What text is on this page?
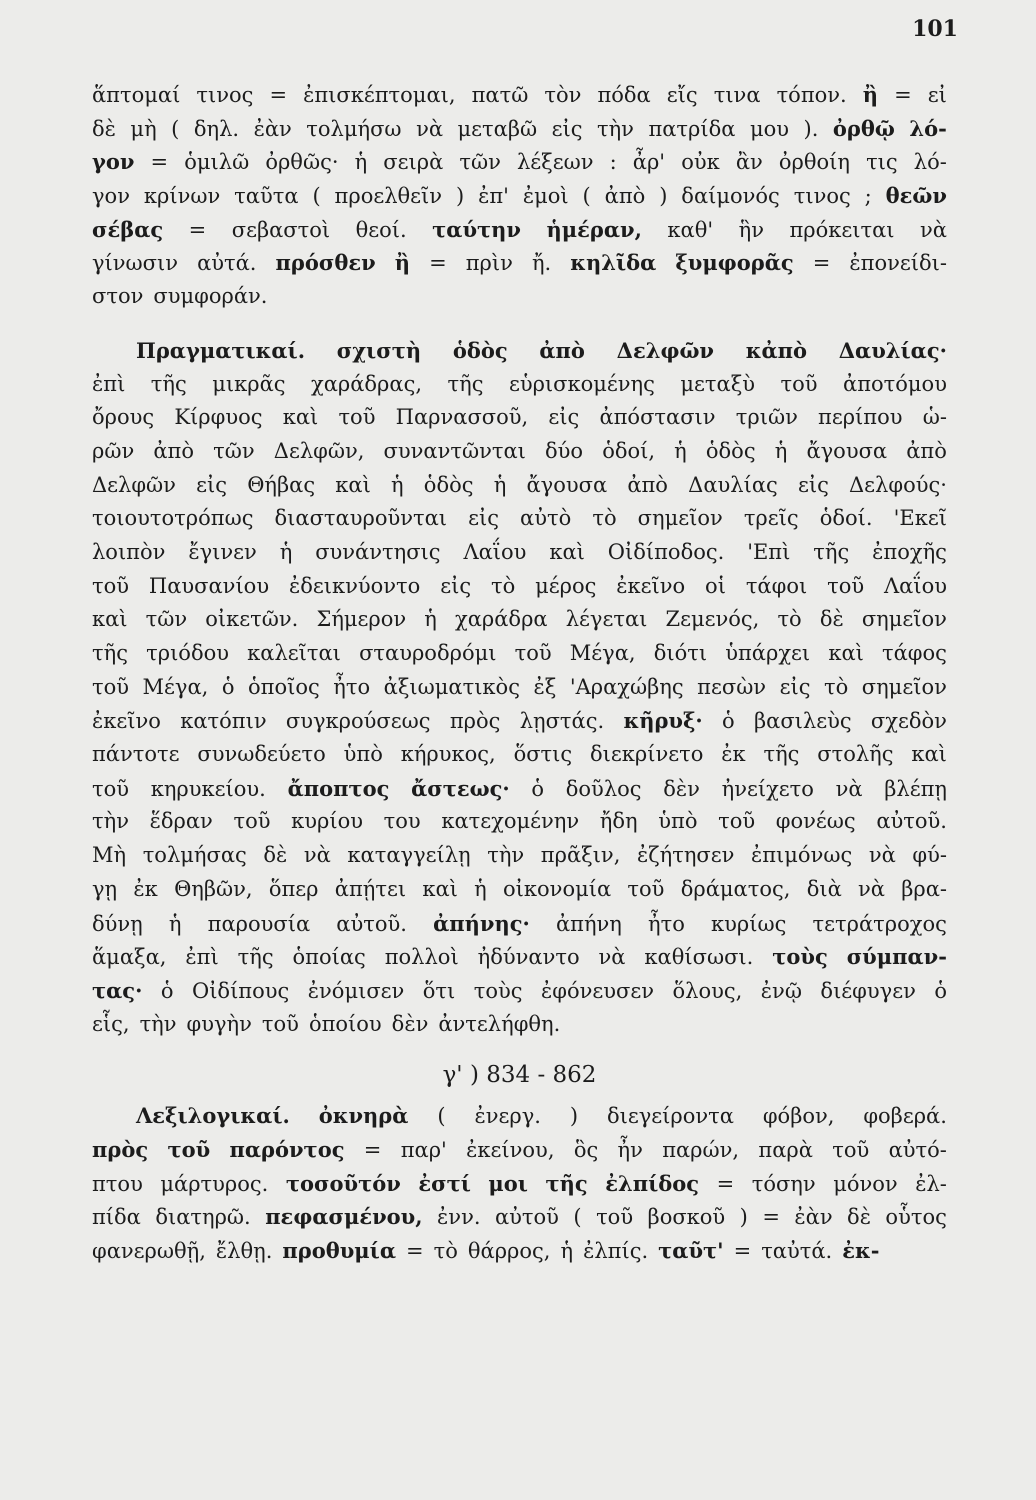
101
ἅπτομαί τινος = ἐπισκέπτομαι, πατῶ τὸν πόδα εἴς τινα τόπον. ἢ = εἰ
δὲ μὴ ( δηλ. ἐὰν τολμήσω νὰ μεταβῶ εἰς τὴν πατρίδα μου ). ὀρθῷ λό-
γον = ὁμιλῶ ὀρθῶς· ἡ σειρὰ τῶν λέξεων : ἆρ' οὐκ ἂν ὀρθοίη τις λό-
γον κρίνων ταῦτα ( προελθεῖν ) ἐπ' ἐμοὶ ( ἀπὸ ) δαίμονός τινος ; θεῶν
σέβας = σεβαστοὶ θεοί. ταύτην ἡμέραν, καθ' ἣν πρόκειται νὰ
γίνωσιν αὐτά. πρόσθεν ἢ = πρὶν ἤ. κηλῖδα ξυμφορᾶς = ἐπονείδι-
στον συμφοράν.
Πραγματικαί. σχιστὴ ὁδὸς ἀπὸ Δελφῶν κἀπὸ Δαυλίας·
ἐπὶ τῆς μικρᾶς χαράδρας, τῆς εὑρισκομένης μεταξὺ τοῦ ἀποτόμου
ὄρους Κίρφυος καὶ τοῦ Παρνασσοῦ, εἰς ἀπόστασιν τριῶν περίπου ὡ-
ρῶν ἀπὸ τῶν Δελφῶν, συναντῶνται δύο ὁδοί, ἡ ὁδὸς ἡ ἄγουσα ἀπὸ
Δελφῶν εἰς Θήβας καὶ ἡ ὁδὸς ἡ ἄγουσα ἀπὸ Δαυλίας εἰς Δελφούς·
τοιουτοτρόπως διασταυροῦνται εἰς αὐτὸ τὸ σημεῖον τρεῖς ὁδοί. 'Εκεῖ
λοιπὸν ἔγινεν ἡ συνάντησις Λαΐου καὶ Οἰδίποδος. 'Επὶ τῆς ἐποχῆς
τοῦ Παυσανίου ἐδεικνύοντο εἰς τὸ μέρος ἐκεῖνο οἱ τάφοι τοῦ Λαΐου
καὶ τῶν οἰκετῶν. Σήμερον ἡ χαράδρα λέγεται Ζεμενός, τὸ δὲ σημεῖον
τῆς τριόδου καλεῖται σταυροδρόμι τοῦ Μέγα, διότι ὑπάρχει καὶ τάφος
τοῦ Μέγα, ὁ ὁποῖος ἦτο ἀξιωματικὸς ἐξ 'Αραχώβης πεσὼν εἰς τὸ σημεῖον
ἐκεῖνο κατόπιν συγκρούσεως πρὸς λῃστάς. κῆρυξ· ὁ βασιλεὺς σχεδὸν
πάντοτε συνωδεύετο ὑπὸ κήρυκος, ὅστις διεκρίνετο ἐκ τῆς στολῆς καὶ
τοῦ κηρυκείου. ἄποπτος ἄστεως· ὁ δοῦλος δὲν ἠνείχετο νὰ βλέπῃ
τὴν ἕδραν τοῦ κυρίου του κατεχομένην ἤδη ὑπὸ τοῦ φονέως αὐτοῦ.
Μὴ τολμήσας δὲ νὰ καταγγείλῃ τὴν πρᾶξιν, ἐζήτησεν ἐπιμόνως νὰ φύ-
γῃ ἐκ Θηβῶν, ὅπερ ἀπῄτει καὶ ἡ οἰκονομία τοῦ δράματος, διὰ νὰ βρα-
δύνῃ ἡ παρουσία αὐτοῦ. ἀπήνης· ἀπήνη ἦτο κυρίως τετράτροχος
ἅμαξα, ἐπὶ τῆς ὁποίας πολλοὶ ἠδύναντο νὰ καθίσωσι. τοὺς σύμπαν-
τας· ὁ Οἰδίπους ἐνόμισεν ὅτι τοὺς ἐφόνευσεν ὅλους, ἐνῷ διέφυγεν ὁ
εἷς, τὴν φυγὴν τοῦ ὁποίου δὲν ἀντελήφθη.
γ' ) 834 - 862
Λεξιλογικαί. ὀκνηρὰ ( ἐνεργ. ) διεγείροντα φόβον, φοβερά.
πρὸς τοῦ παρόντος = παρ' ἐκείνου, ὃς ἦν παρών, παρὰ τοῦ αὐτό-
πτου μάρτυρος. τοσοῦτόν ἐστί μοι τῆς ἐλπίδος = τόσην μόνον ἐλ-
πίδα διατηρῶ. πεφασμένου, ἐνν. αὐτοῦ ( τοῦ βοσκοῦ ) = ἐὰν δὲ οὗτος
φανερωθῇ, ἔλθῃ. προθυμία = τὸ θάρρος, ἡ ἐλπίς. ταῦτ' = ταὐτά. ἐκ-
